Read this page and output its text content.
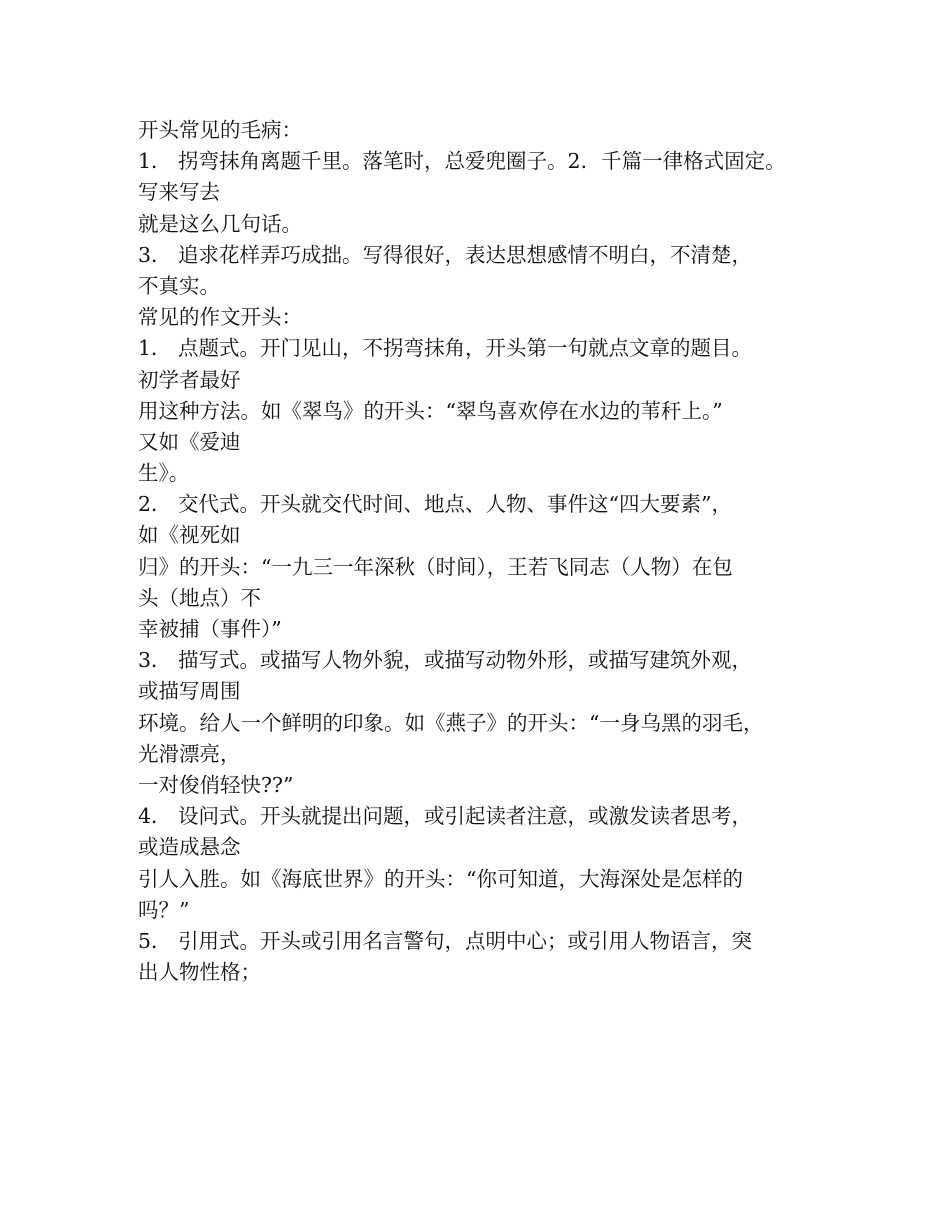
开头常见的毛病：
1． 拐弯抹角离题千里。落笔时，总爱兜圈子。2．千篇一律格式固定。
写来写去
就是这么几句话。
3． 追求花样弄巧成拙。写得很好，表达思想感情不明白，不清楚，
不真实。
常见的作文开头：
1． 点题式。开门见山，不拐弯抹角，开头第一句就点文章的题目。
初学者最好
用这种方法。如《翠鸟》的开头：“翠鸟喜欢停在水边的苇秆上。”
又如《爱迪
生》。
2． 交代式。开头就交代时间、地点、人物、事件这“四大要素”，
如《视死如
归》的开头：“一九三一年深秋（时间），王若飞同志（人物）在包
头（地点）不
幸被捕（事件）”
3． 描写式。或描写人物外貌，或描写动物外形，或描写建筑外观，
或描写周围
环境。给人一个鲜明的印象。如《燕子》的开头：“一身乌黑的羽毛，
光滑漂亮，
一对俊俏轻快??”
4． 设问式。开头就提出问题，或引起读者注意，或激发读者思考，
或造成悬念
引人入胜。如《海底世界》的开头：“你可知道，大海深处是怎样的
吗？”
5． 引用式。开头或引用名言警句，点明中心；或引用人物语言，突
出人物性格；
